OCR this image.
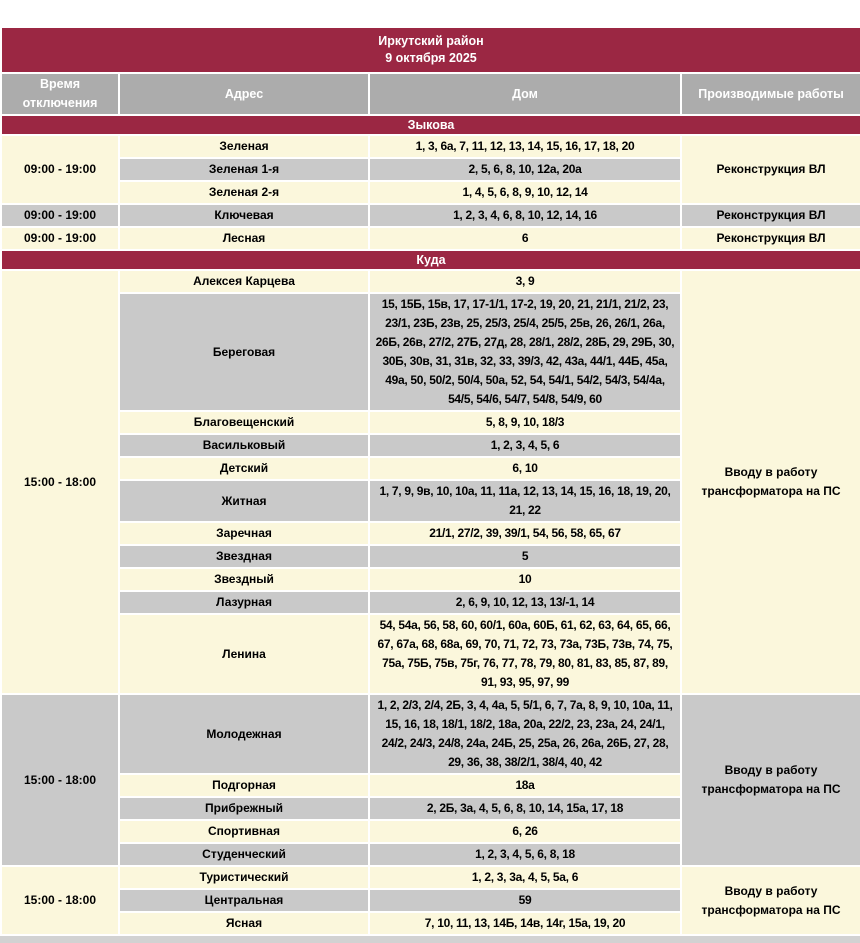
Иркутский район
9 октября 2025			

Время отключения	Адрес	Дом	Производимые работы
Зыкова			
09:00 - 19:00	Зеленая	1, 3, 6а, 7, 11, 12, 13, 14, 15, 16, 17, 18, 20	Реконструкция ВЛ
	Зеленая 1-я	2, 5, 6, 8, 10, 12а, 20а	
	Зеленая 2-я	1, 4, 5, 6, 8, 9, 10, 12, 14	
09:00 - 19:00	Ключевая	1, 2, 3, 4, 6, 8, 10, 12, 14, 16	Реконструкция ВЛ
09:00 - 19:00	Лесная	6	Реконструкция ВЛ
Куда			
15:00 - 18:00	Алексея Карцева	3, 9	Вводу в работу трансформатора на ПС
	Береговая	15, 15Б, 15в, 17, 17-1/1, 17-2, 19, 20, 21, 21/1, 21/2, 23, 23/1, 23Б, 23в, 25, 25/3, 25/4, 25/5, 25в, 26, 26/1, 26а, 26Б, 26в, 27/2, 27Б, 27д, 28, 28/1, 28/2, 28Б, 29, 29Б, 30, 30Б, 30в, 31, 31в, 32, 33, 39/3, 42, 43а, 44/1, 44Б, 45а, 49а, 50, 50/2, 50/4, 50а, 52, 54, 54/1, 54/2, 54/3, 54/4а, 54/5, 54/6, 54/7, 54/8, 54/9, 60	
	Благовещенский	5, 8, 9, 10, 18/3	
	Васильковый	1, 2, 3, 4, 5, 6	
	Детский	6, 10	
	Житная	1, 7, 9, 9в, 10, 10а, 11, 11а, 12, 13, 14, 15, 16, 18, 19, 20, 21, 22	
	Заречная	21/1, 27/2, 39, 39/1, 54, 56, 58, 65, 67	
	Звездная	5	
	Звездный	10	
	Лазурная	2, 6, 9, 10, 12, 13, 13/-1, 14	
	Ленина	54, 54а, 56, 58, 60, 60/1, 60а, 60Б, 61, 62, 63, 64, 65, 66, 67, 67а, 68, 68а, 69, 70, 71, 72, 73, 73а, 73Б, 73в, 74, 75, 75а, 75Б, 75в, 75г, 76, 77, 78, 79, 80, 81, 83, 85, 87, 89, 91, 93, 95, 97, 99	
15:00 - 18:00	Молодежная	1, 2, 2/3, 2/4, 2Б, 3, 4, 4а, 5, 5/1, 6, 7, 7а, 8, 9, 10, 10а, 11, 15, 16, 18, 18/1, 18/2, 18а, 20а, 22/2, 23, 23а, 24, 24/1, 24/2, 24/3, 24/8, 24а, 24Б, 25, 25а, 26, 26а, 26Б, 27, 28, 29, 36, 38, 38/2/1, 38/4, 40, 42	Вводу в работу трансформатора на ПС
	Подгорная	18а	
	Прибрежный	2, 2Б, 3а, 4, 5, 6, 8, 10, 14, 15а, 17, 18	
	Спортивная	6, 26	
	Студенческий	1, 2, 3, 4, 5, 6, 8, 18	
15:00 - 18:00	Туристический	1, 2, 3, 3а, 4, 5, 5а, 6	Вводу в работу трансформатора на ПС
	Центральная	59	
	Ясная	7, 10, 11, 13, 14Б, 14в, 14г, 15а, 19, 20	
